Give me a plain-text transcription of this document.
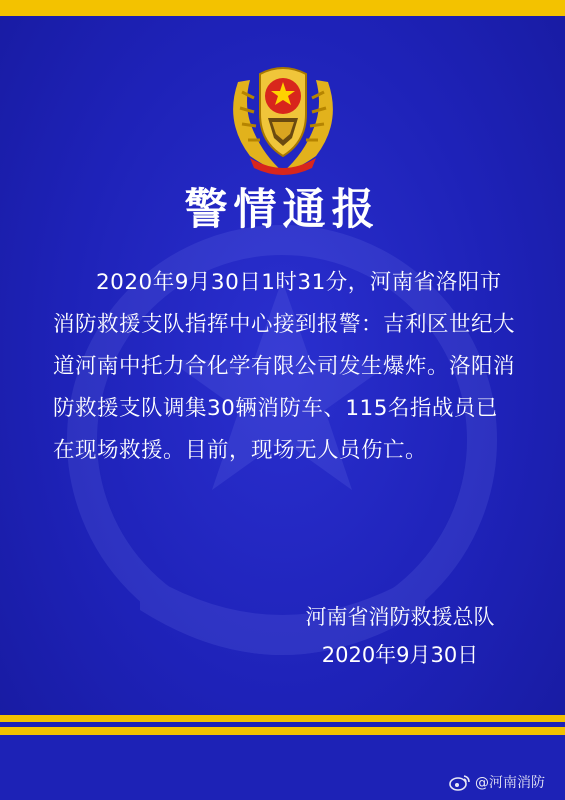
警情通报
2020年9月30日1时31分，河南省洛阳市消防救援支队指挥中心接到报警：吉利区世纪大道河南中托力合化学有限公司发生爆炸。洛阳消防救援支队调集30辆消防车、115名指战员已在现场救援。目前，现场无人员伤亡。
河南省消防救援总队
2020年9月30日
@河南消防
